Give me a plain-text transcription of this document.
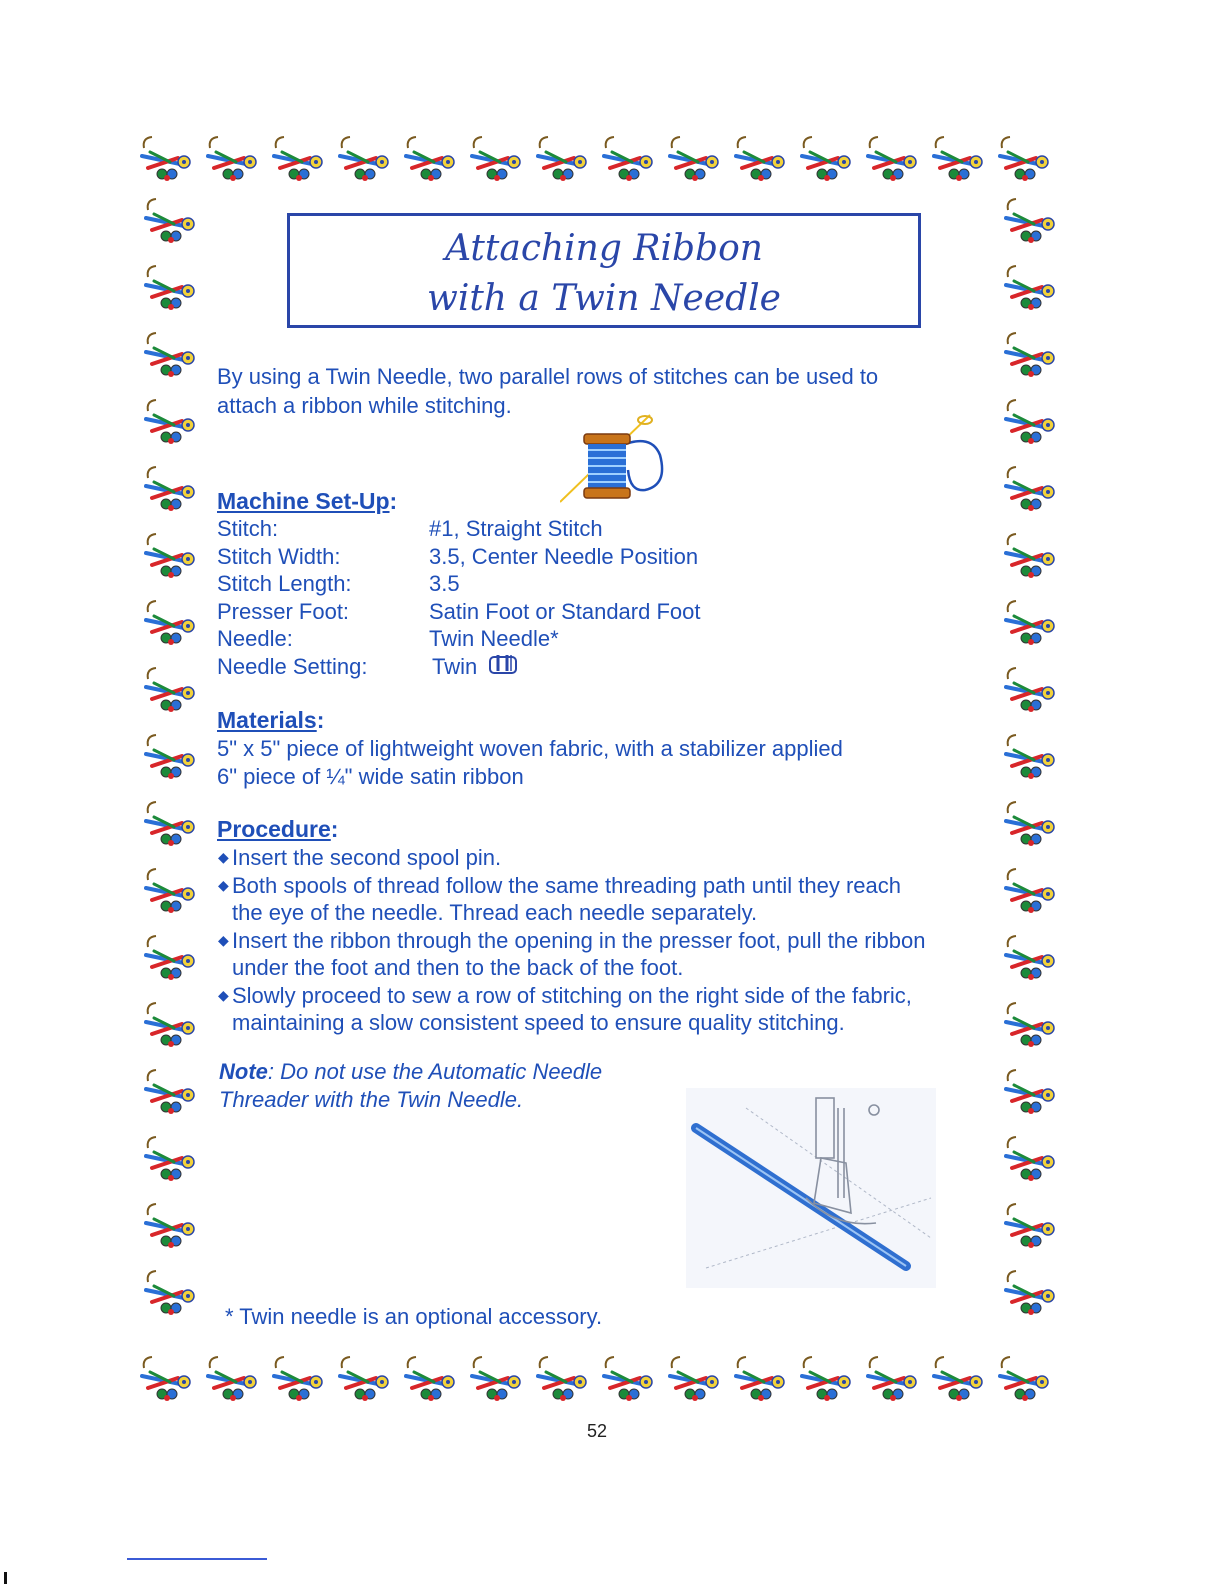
Attaching Ribbon
with a Twin Needle
By using a Twin Needle, two parallel rows of stitches can be used to
attach a ribbon while stitching.
Machine Set-Up:
Stitch:	#1, Straight Stitch
Stitch Width:	3.5, Center Needle Position
Stitch Length:	3.5
Presser Foot:	Satin Foot or Standard Foot
Needle:	Twin Needle*
Needle Setting:	Twin
Materials:
5" x 5" piece of lightweight woven fabric, with a stabilizer applied
6" piece of ¼" wide satin ribbon
Procedure:
◆ Insert the second spool pin.
◆ Both spools of thread follow the same threading path until they reach
the eye of the needle. Thread each needle separately.
◆ Insert the ribbon through the opening in the presser foot, pull the ribbon
under the foot and then to the back of the foot.
◆ Slowly proceed to sew a row of stitching on the right side of the fabric,
maintaining a slow consistent speed to ensure quality stitching.
Note: Do not use the Automatic Needle
Threader with the Twin Needle.
* Twin needle is an optional accessory.
52
